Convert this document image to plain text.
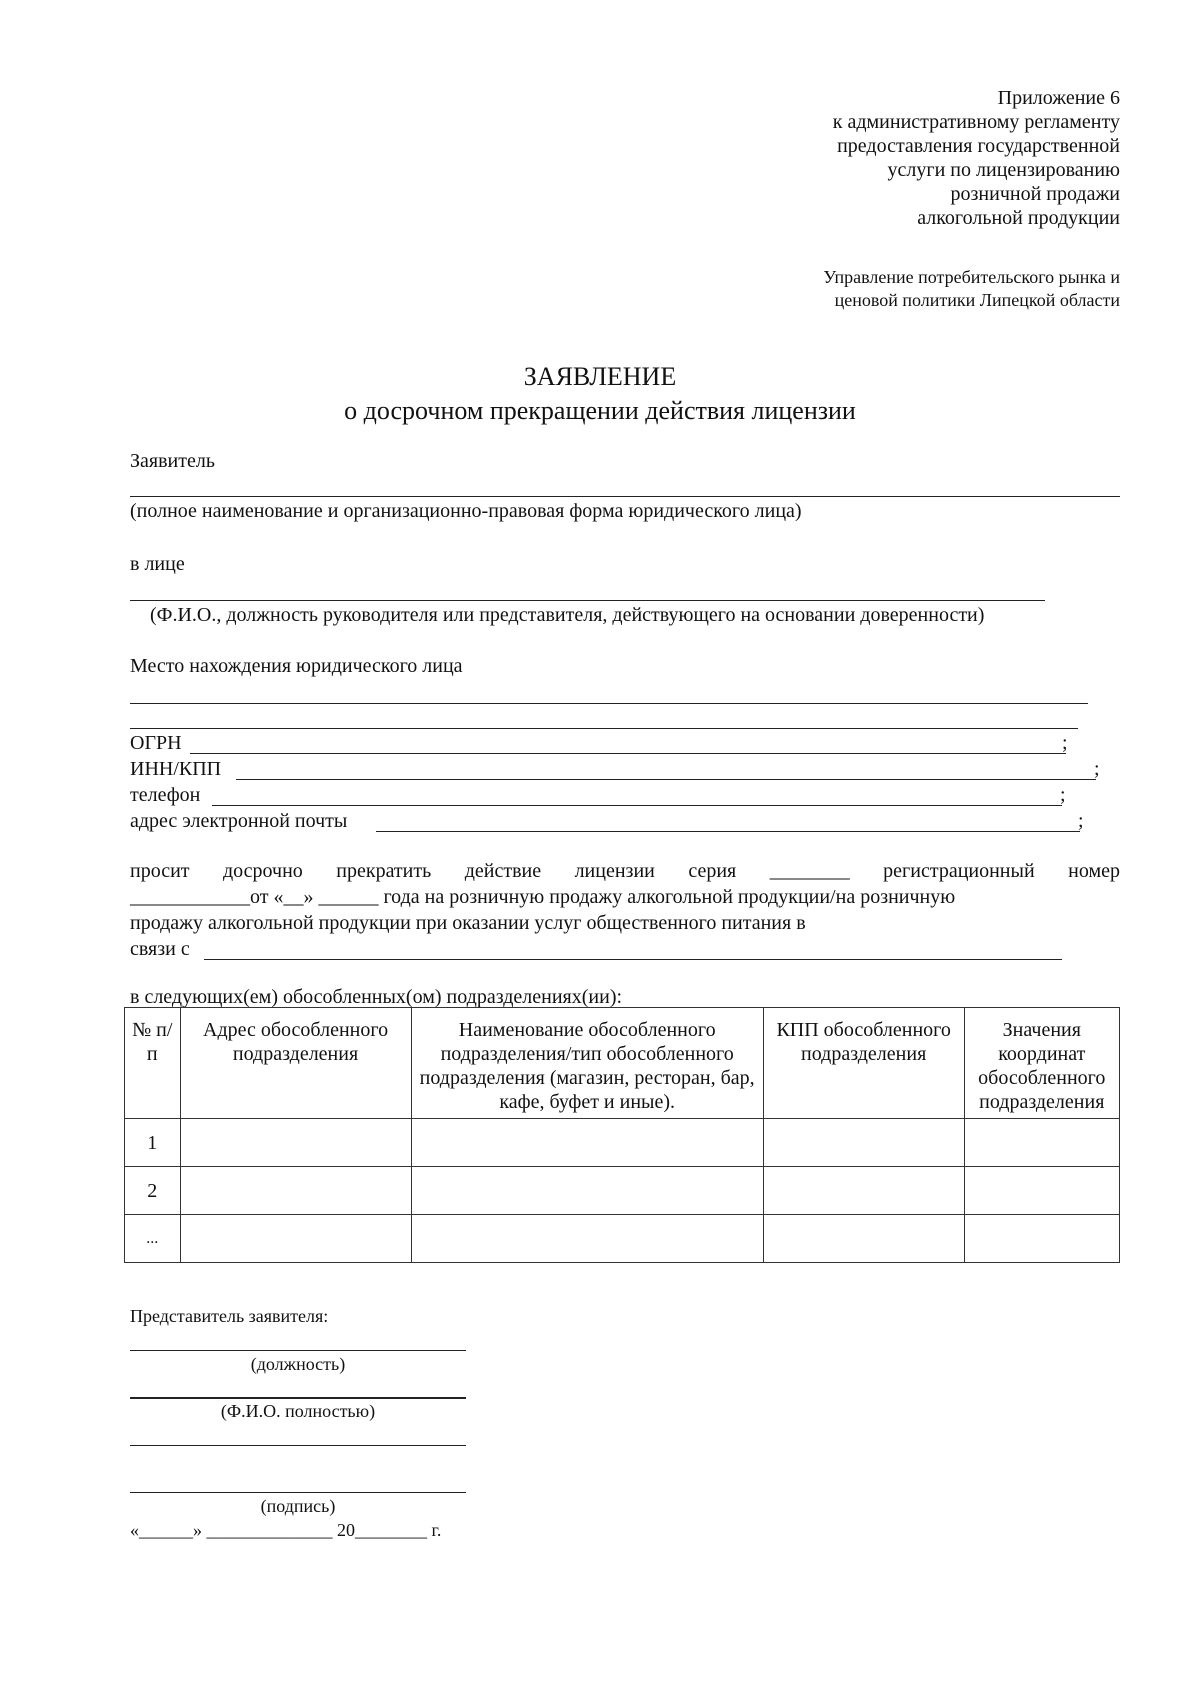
Приложение 6
к административному регламенту
предоставления государственной
услуги по лицензированию
розничной продажи
алкогольной продукции
Управление потребительского рынка и
ценовой политики Липецкой области
ЗАЯВЛЕНИЕ
о досрочном прекращении действия лицензии
Заявитель
(полное наименование и организационно-правовая форма юридического лица)
в лице
(Ф.И.О., должность руководителя или представителя, действующего на основании доверенности)
Место нахождения юридического лица
ОГРН	;
ИНН/КПП	;
телефон	;
адрес электронной почты	;
просит досрочно прекратить действие лицензии серия ________ регистрационный номер
____________от «__» ______ года на розничную продажу алкогольной продукции/на розничную
продажу алкогольной продукции при оказании услуг общественного питания в
связи с
в следующих(ем) обособленных(ом) подразделениях(ии):
№ п/п	Адрес обособленного подразделения	Наименование обособленного подразделения/тип обособленного подразделения (магазин, ресторан, бар, кафе, буфет и иные).	КПП обособленного подразделения	Значения координат обособленного подразделения
1				
2				
...				
Представитель заявителя:
(должность)
(Ф.И.О. полностью)
(подпись)
«______» ______________ 20________ г.
